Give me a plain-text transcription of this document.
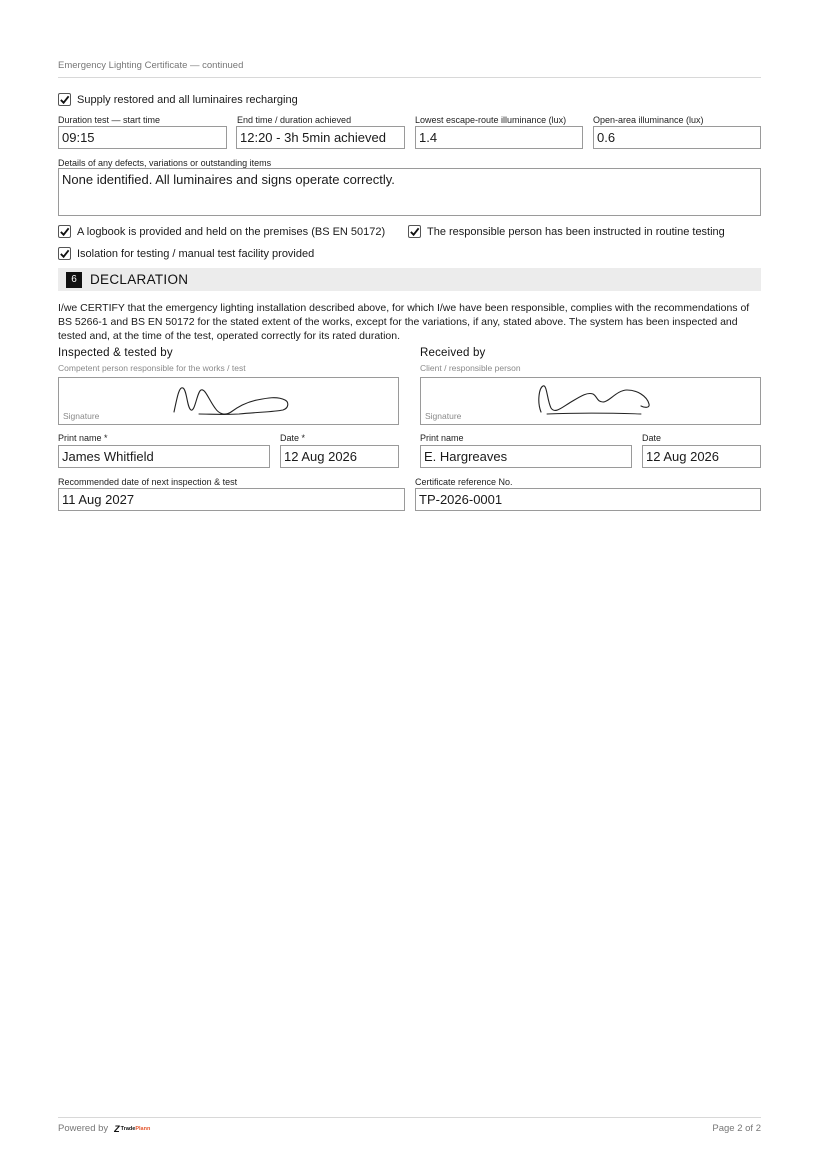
Emergency Lighting Certificate — continued
Supply restored and all luminaires recharging
Duration test — start time
09:15
End time / duration achieved
12:20 - 3h 5min achieved
Lowest escape-route illuminance (lux)
1.4
Open-area illuminance (lux)
0.6
Details of any defects, variations or outstanding items
None identified. All luminaires and signs operate correctly.
A logbook is provided and held on the premises (BS EN 50172)	The responsible person has been instructed in routine testing
Isolation for testing / manual test facility provided
6 DECLARATION
I/we CERTIFY that the emergency lighting installation described above, for which I/we have been responsible, complies with the recommendations of BS 5266-1 and BS EN 50172 for the stated extent of the works, except for the variations, if any, stated above. The system has been inspected and tested and, at the time of the test, operated correctly for its rated duration.
Inspected & tested by
Competent person responsible for the works / test
Signature
Print name *
James Whitfield
Date *
12 Aug 2026
Received by
Client / responsible person
Signature
Print name
E. Hargreaves
Date
12 Aug 2026
Recommended date of next inspection & test
11 Aug 2027
Certificate reference No.
TP-2026-0001
Powered by Z Trade Plann	Page 2 of 2
